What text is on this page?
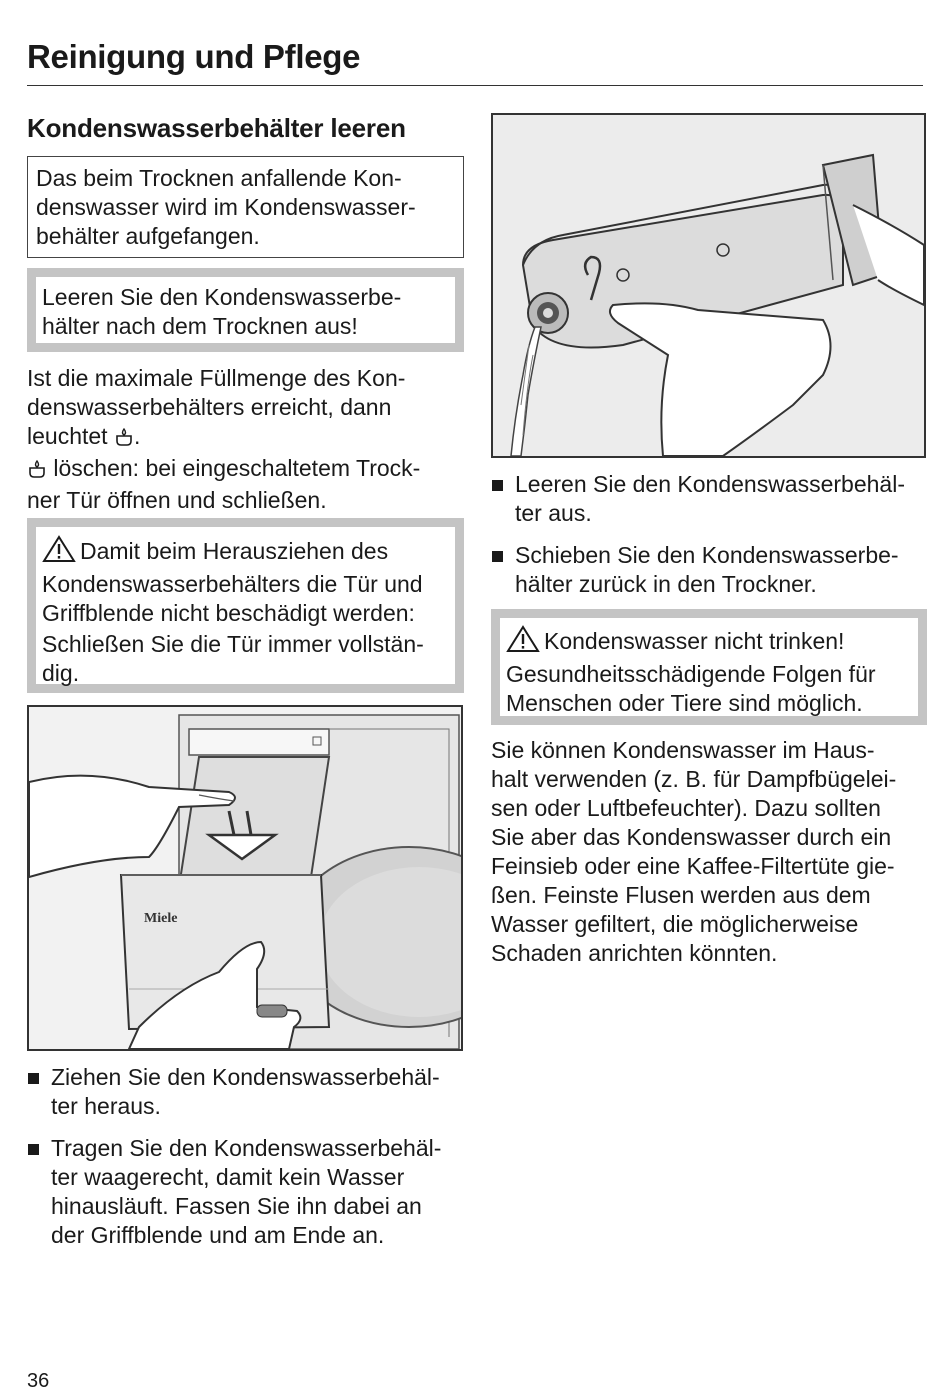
Reinigung und Pflege
Kondenswasserbehälter leeren
Das beim Trocknen anfallende Kon-
denswasser wird im Kondenswasser-
behälter aufgefangen.
Leeren Sie den Kondenswasserbe-
hälter nach dem Trocknen aus!
Ist die maximale Füllmenge des Kon-
denswasserbehälters erreicht, dann
leuchtet .
löschen: bei eingeschaltetem Trock-
ner Tür öffnen und schließen.
Damit beim Herausziehen des
Kondenswasserbehälters die Tür und
Griffblende nicht beschädigt werden:
Schließen Sie die Tür immer vollstän-
dig.
Miele
Ziehen Sie den Kondenswasserbehäl-
ter heraus.
Tragen Sie den Kondenswasserbehäl-
ter waagerecht, damit kein Wasser
hinausläuft. Fassen Sie ihn dabei an
der Griffblende und am Ende an.
Leeren Sie den Kondenswasserbehäl-
ter aus.
Schieben Sie den Kondenswasserbe-
hälter zurück in den Trockner.
Kondenswasser nicht trinken!
Gesundheitsschädigende Folgen für
Menschen oder Tiere sind möglich.
Sie können Kondenswasser im Haus-
halt verwenden (z. B. für Dampfbügelei-
sen oder Luftbefeuchter). Dazu sollten
Sie aber das Kondenswasser durch ein
Feinsieb oder eine Kaffee-Filtertüte gie-
ßen. Feinste Flusen werden aus dem
Wasser gefiltert, die möglicherweise
Schaden anrichten könnten.
36
